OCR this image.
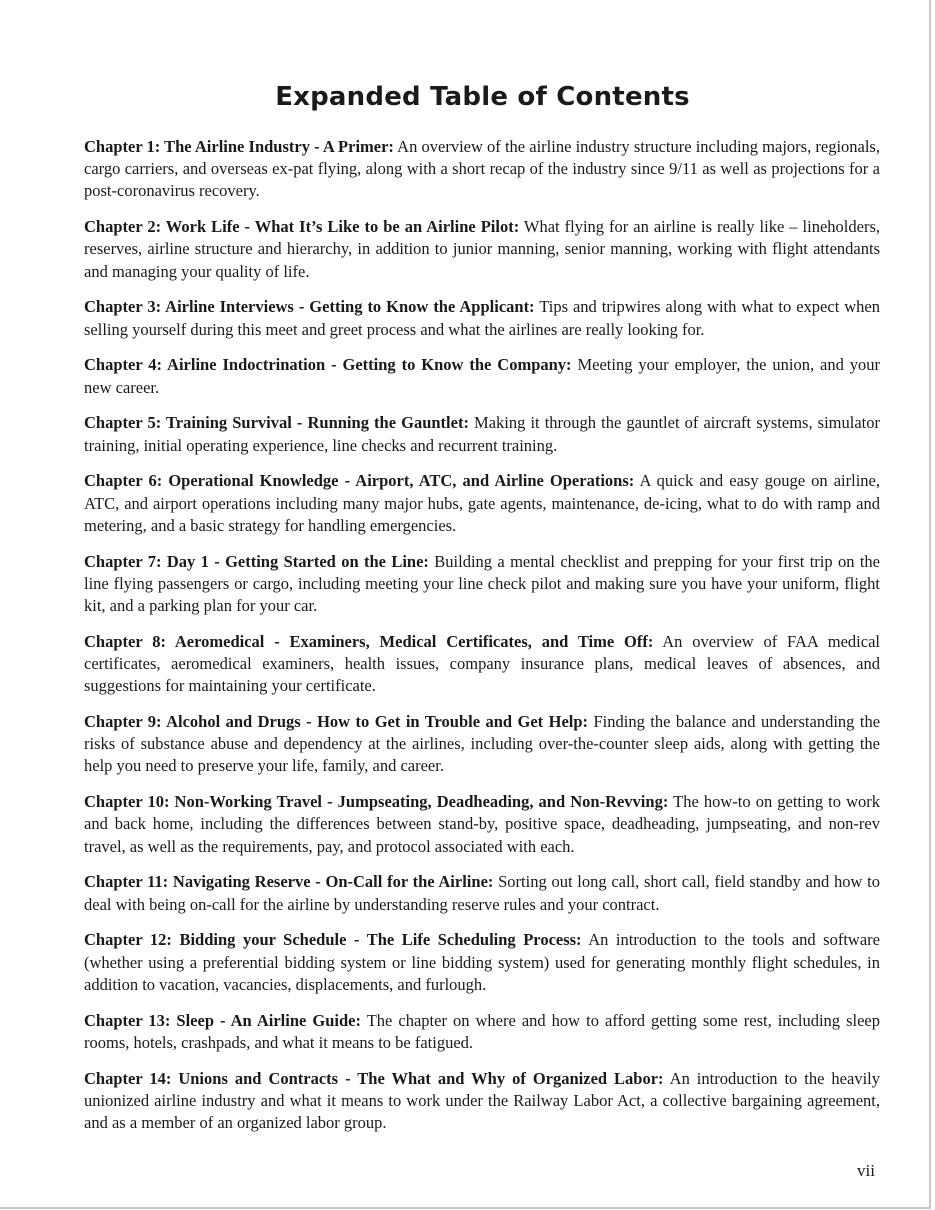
Expanded Table of Contents

Chapter 1: The Airline Industry - A Primer: An overview of the airline industry structure including majors, regionals, cargo carriers, and overseas ex-pat flying, along with a short recap of the industry since 9/11 as well as projections for a post-coronavirus recovery.

Chapter 2: Work Life - What It’s Like to be an Airline Pilot: What flying for an airline is really like – lineholders, reserves, airline structure and hierarchy, in addition to junior manning, senior manning, working with flight attendants and managing your quality of life.

Chapter 3: Airline Interviews - Getting to Know the Applicant: Tips and tripwires along with what to expect when selling yourself during this meet and greet process and what the airlines are really looking for.

Chapter 4: Airline Indoctrination - Getting to Know the Company: Meeting your employer, the union, and your new career.

Chapter 5: Training Survival - Running the Gauntlet: Making it through the gauntlet of aircraft systems, simulator training, initial operating experience, line checks and recurrent training.

Chapter 6: Operational Knowledge - Airport, ATC, and Airline Operations: A quick and easy gouge on airline, ATC, and airport operations including many major hubs, gate agents, maintenance, de-icing, what to do with ramp and metering, and a basic strategy for handling emergencies.

Chapter 7: Day 1 - Getting Started on the Line: Building a mental checklist and prepping for your first trip on the line flying passengers or cargo, including meeting your line check pilot and making sure you have your uniform, flight kit, and a parking plan for your car.

Chapter 8: Aeromedical - Examiners, Medical Certificates, and Time Off: An overview of FAA medical certificates, aeromedical examiners, health issues, company insurance plans, medical leaves of absences, and suggestions for maintaining your certificate.

Chapter 9: Alcohol and Drugs - How to Get in Trouble and Get Help: Finding the balance and understanding the risks of substance abuse and dependency at the airlines, including over-the-counter sleep aids, along with getting the help you need to preserve your life, family, and career.

Chapter 10: Non-Working Travel - Jumpseating, Deadheading, and Non-Revving: The how-to on getting to work and back home, including the differences between stand-by, positive space, deadheading, jumpseating, and non-rev travel, as well as the requirements, pay, and protocol associated with each.

Chapter 11: Navigating Reserve - On-Call for the Airline: Sorting out long call, short call, field standby and how to deal with being on-call for the airline by understanding reserve rules and your contract.

Chapter 12: Bidding your Schedule - The Life Scheduling Process: An introduction to the tools and software (whether using a preferential bidding system or line bidding system) used for generating monthly flight schedules, in addition to vacation, vacancies, displacements, and furlough.

Chapter 13: Sleep - An Airline Guide: The chapter on where and how to afford getting some rest, including sleep rooms, hotels, crashpads, and what it means to be fatigued.

Chapter 14: Unions and Contracts - The What and Why of Organized Labor: An introduction to the heavily unionized airline industry and what it means to work under the Railway Labor Act, a collective bargaining agreement, and as a member of an organized labor group.

vii
